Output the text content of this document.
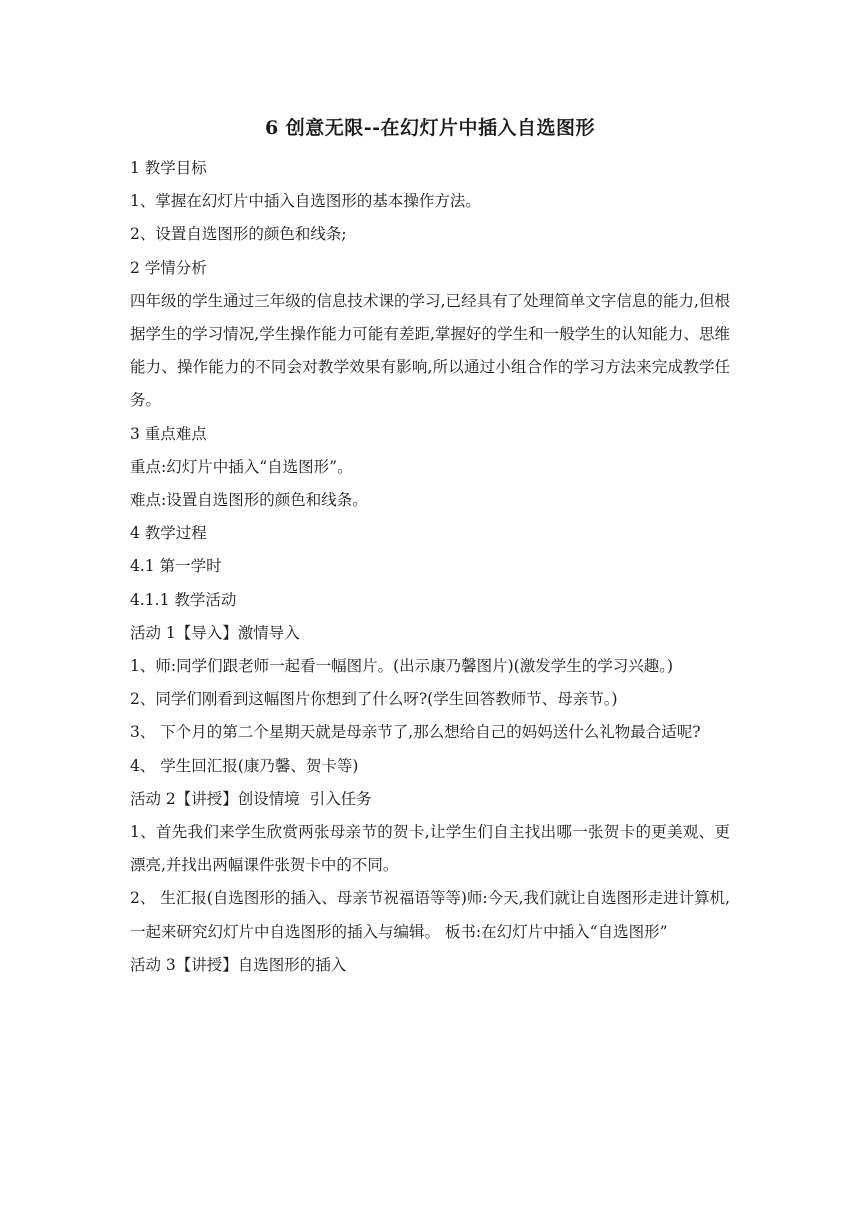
6 创意无限--在幻灯片中插入自选图形

1 教学目标

1、掌握在幻灯片中插入自选图形的基本操作方法。

2、设置自选图形的颜色和线条;

2 学情分析

四年级的学生通过三年级的信息技术课的学习,已经具有了处理简单文字信息的能力,但根据学生的学习情况,学生操作能力可能有差距,掌握好的学生和一般学生的认知能力、思维能力、操作能力的不同会对教学效果有影响,所以通过小组合作的学习方法来完成教学任务。

3 重点难点

重点:幻灯片中插入“自选图形”。

难点:设置自选图形的颜色和线条。

4 教学过程

4.1 第一学时

4.1.1 教学活动

活动 1【导入】激情导入

1、师:同学们跟老师一起看一幅图片。(出示康乃馨图片)(激发学生的学习兴趣。)

2、同学们刚看到这幅图片你想到了什么呀?(学生回答教师节、母亲节。)

3、 下个月的第二个星期天就是母亲节了,那么想给自己的妈妈送什么礼物最合适呢?

4、 学生回汇报(康乃馨、贺卡等)

活动 2【讲授】创设情境  引入任务

1、首先我们来学生欣赏两张母亲节的贺卡,让学生们自主找出哪一张贺卡的更美观、更漂亮,并找出两幅课件张贺卡中的不同。

2、 生汇报(自选图形的插入、母亲节祝福语等等)师:今天,我们就让自选图形走进计算机,一起来研究幻灯片中自选图形的插入与编辑。 板书:在幻灯片中插入“自选图形”

活动 3【讲授】自选图形的插入
